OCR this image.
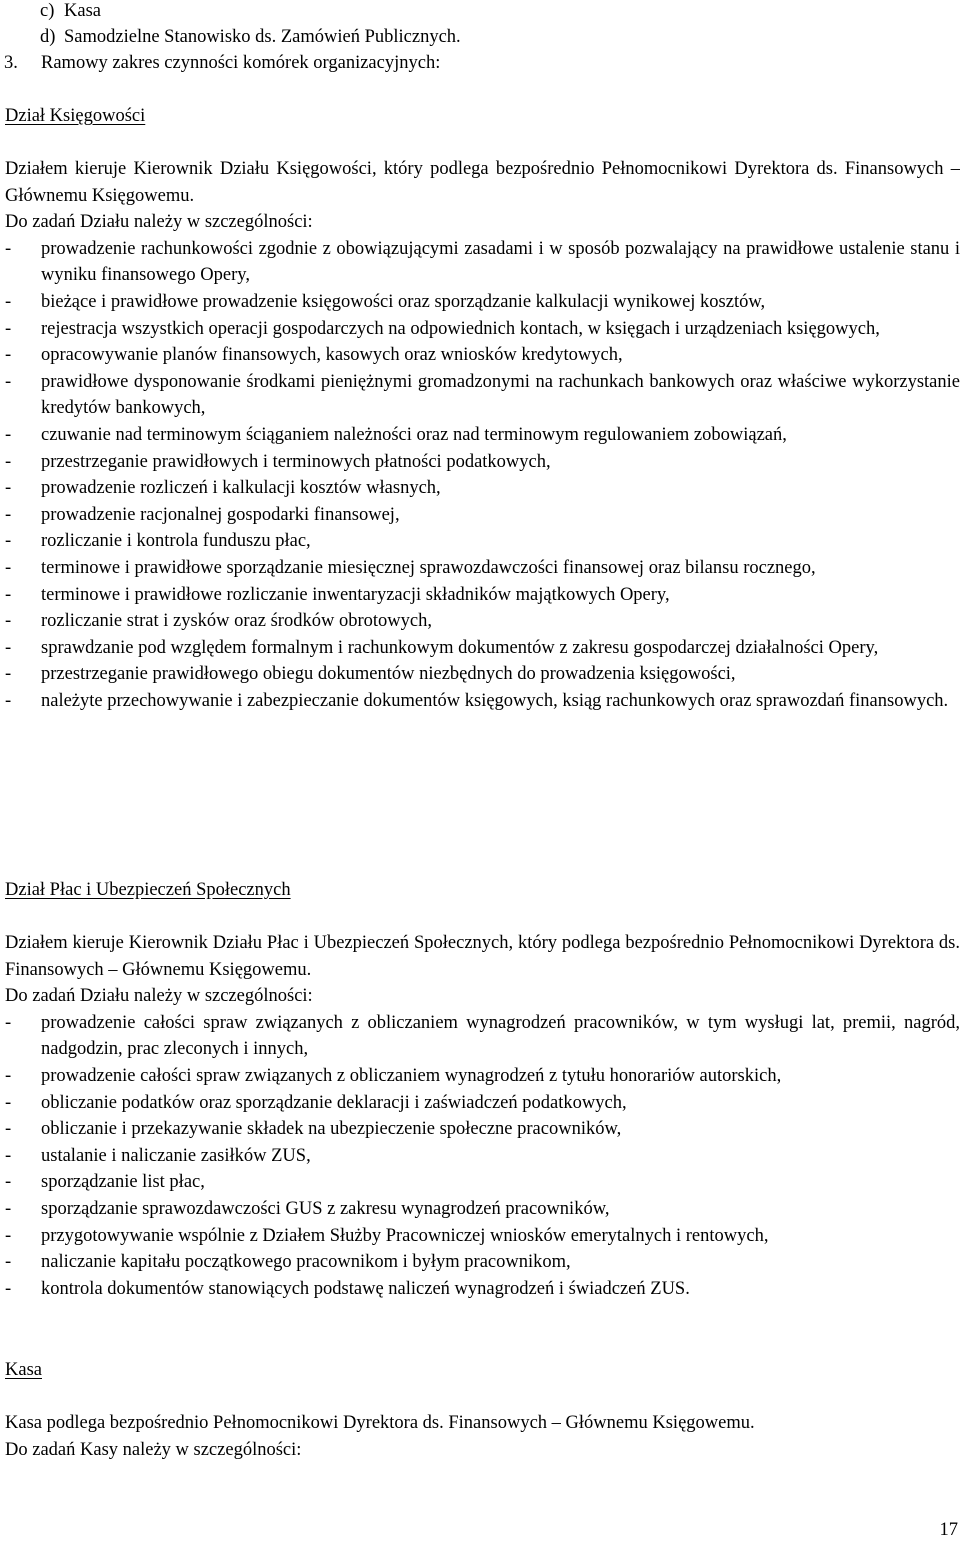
c) Kasa
d) Samodzielne Stanowisko ds. Zamówień Publicznych.
3. Ramowy zakres czynności komórek organizacyjnych:

Dział Księgowości

Działem kieruje Kierownik Działu Księgowości, który podlega bezpośrednio Pełnomocnikowi Dyrektora ds. Finansowych – Głównemu Księgowemu.

Do zadań Działu należy w szczególności:

- prowadzenie rachunkowości zgodnie z obowiązującymi zasadami i w sposób pozwalający na prawidłowe ustalenie stanu i wyniku finansowego Opery,
- bieżące i prawidłowe prowadzenie księgowości oraz sporządzanie kalkulacji wynikowej kosztów,
- rejestracja wszystkich operacji gospodarczych na odpowiednich kontach, w księgach i urządzeniach księgowych,
- opracowywanie planów finansowych, kasowych oraz wniosków kredytowych,
- prawidłowe dysponowanie środkami pieniężnymi gromadzonymi na rachunkach bankowych oraz właściwe wykorzystanie kredytów bankowych,
- czuwanie nad terminowym ściąganiem należności oraz nad terminowym regulowaniem zobowiązań,
- przestrzeganie prawidłowych i terminowych płatności podatkowych,
- prowadzenie rozliczeń i kalkulacji kosztów własnych,
- prowadzenie racjonalnej gospodarki finansowej,
- rozliczanie i kontrola funduszu płac,
- terminowe i prawidłowe sporządzanie miesięcznej sprawozdawczości finansowej oraz bilansu rocznego,
- terminowe i prawidłowe rozliczanie inwentaryzacji składników majątkowych Opery,
- rozliczanie strat i zysków oraz środków obrotowych,
- sprawdzanie pod względem formalnym i rachunkowym dokumentów z zakresu gospodarczej działalności Opery,
- przestrzeganie prawidłowego obiegu dokumentów niezbędnych do prowadzenia księgowości,
- należyte przechowywanie i zabezpieczanie dokumentów księgowych, ksiąg rachunkowych oraz sprawozdań finansowych.

Dział Płac i Ubezpieczeń Społecznych

Działem kieruje Kierownik Działu Płac i Ubezpieczeń Społecznych, który podlega bezpośrednio Pełnomocnikowi Dyrektora ds. Finansowych – Głównemu Księgowemu.

Do zadań Działu należy w szczególności:

- prowadzenie całości spraw związanych z obliczaniem wynagrodzeń pracowników, w tym wysługi lat, premii, nagród, nadgodzin, prac zleconych i innych,
- prowadzenie całości spraw związanych z obliczaniem wynagrodzeń z tytułu honorariów autorskich,
- obliczanie podatków oraz sporządzanie deklaracji i zaświadczeń podatkowych,
- obliczanie i przekazywanie składek na ubezpieczenie społeczne pracowników,
- ustalanie i naliczanie zasiłków ZUS,
- sporządzanie list płac,
- sporządzanie sprawozdawczości GUS z zakresu wynagrodzeń pracowników,
- przygotowywanie wspólnie z Działem Służby Pracowniczej wniosków emerytalnych i rentowych,
- naliczanie kapitału początkowego pracownikom i byłym pracownikom,
- kontrola dokumentów stanowiących podstawę naliczeń wynagrodzeń i świadczeń ZUS.

Kasa

Kasa podlega bezpośrednio Pełnomocnikowi Dyrektora ds. Finansowych – Głównemu Księgowemu.

Do zadań Kasy należy w szczególności:

17
